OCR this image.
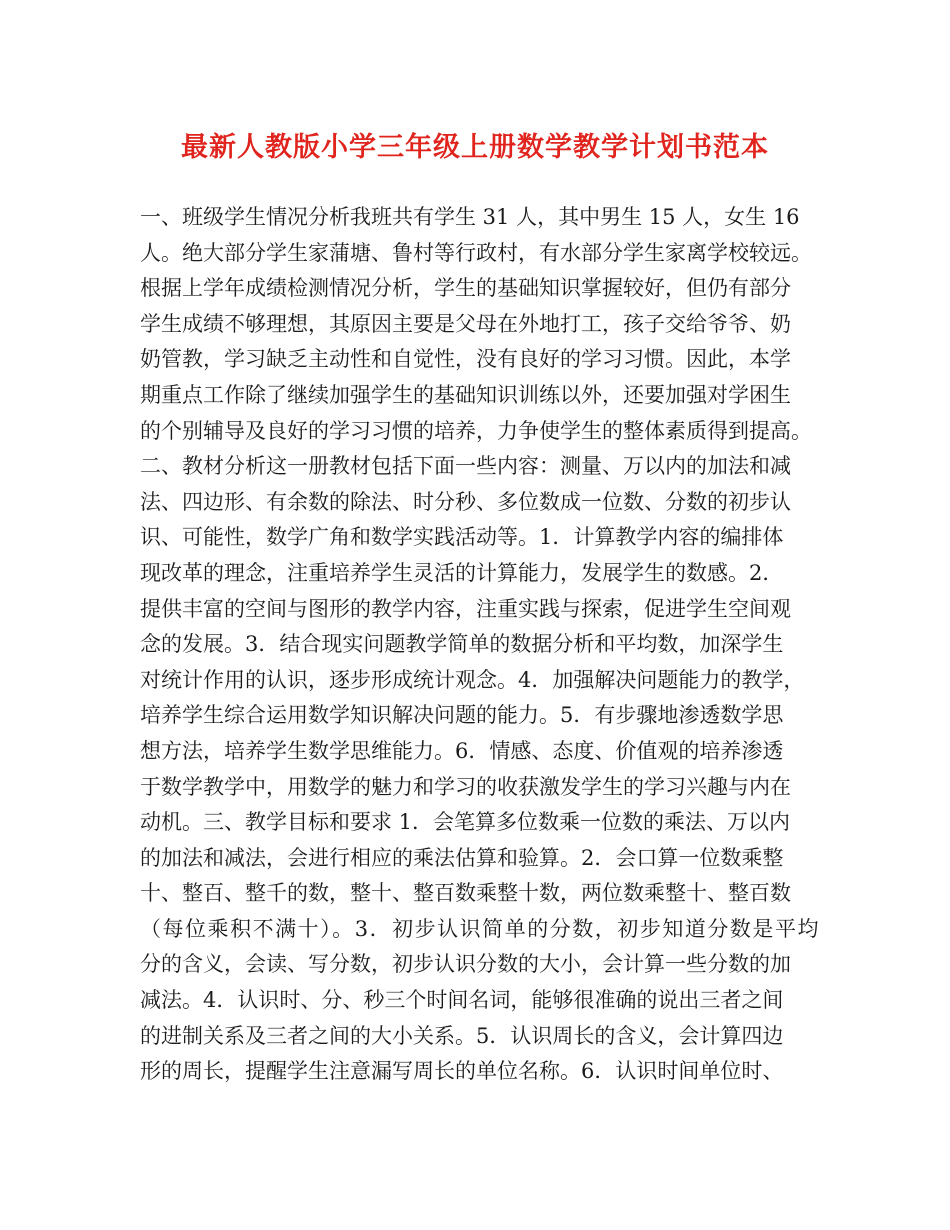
最新人教版小学三年级上册数学教学计划书范本
一、班级学生情况分析我班共有学生 31 人，其中男生 15 人，女生 16
人。绝大部分学生家蒲塘、鲁村等行政村，有水部分学生家离学校较远。
根据上学年成绩检测情况分析，学生的基础知识掌握较好，但仍有部分
学生成绩不够理想，其原因主要是父母在外地打工，孩子交给爷爷、奶
奶管教，学习缺乏主动性和自觉性，没有良好的学习习惯。因此，本学
期重点工作除了继续加强学生的基础知识训练以外，还要加强对学困生
的个别辅导及良好的学习习惯的培养，力争使学生的整体素质得到提高。
二、教材分析这一册教材包括下面一些内容：测量、万以内的加法和减
法、四边形、有余数的除法、时分秒、多位数成一位数、分数的初步认
识、可能性，数学广角和数学实践活动等。1．计算教学内容的编排体
现改革的理念，注重培养学生灵活的计算能力，发展学生的数感。2．
提供丰富的空间与图形的教学内容，注重实践与探索，促进学生空间观
念的发展。3．结合现实问题教学简单的数据分析和平均数，加深学生
对统计作用的认识，逐步形成统计观念。4．加强解决问题能力的教学，
培养学生综合运用数学知识解决问题的能力。5．有步骤地渗透数学思
想方法，培养学生数学思维能力。6．情感、态度、价值观的培养渗透
于数学教学中，用数学的魅力和学习的收获激发学生的学习兴趣与内在
动机。三、教学目标和要求 1．会笔算多位数乘一位数的乘法、万以内
的加法和减法，会进行相应的乘法估算和验算。2．会口算一位数乘整
十、整百、整千的数，整十、整百数乘整十数，两位数乘整十、整百数
（每位乘积不满十）。3．初步认识简单的分数，初步知道分数是平均
分的含义，会读、写分数，初步认识分数的大小，会计算一些分数的加
减法。4．认识时、分、秒三个时间名词，能够很准确的说出三者之间
的进制关系及三者之间的大小关系。5．认识周长的含义，会计算四边
形的周长，提醒学生注意漏写周长的单位名称。6．认识时间单位时、
